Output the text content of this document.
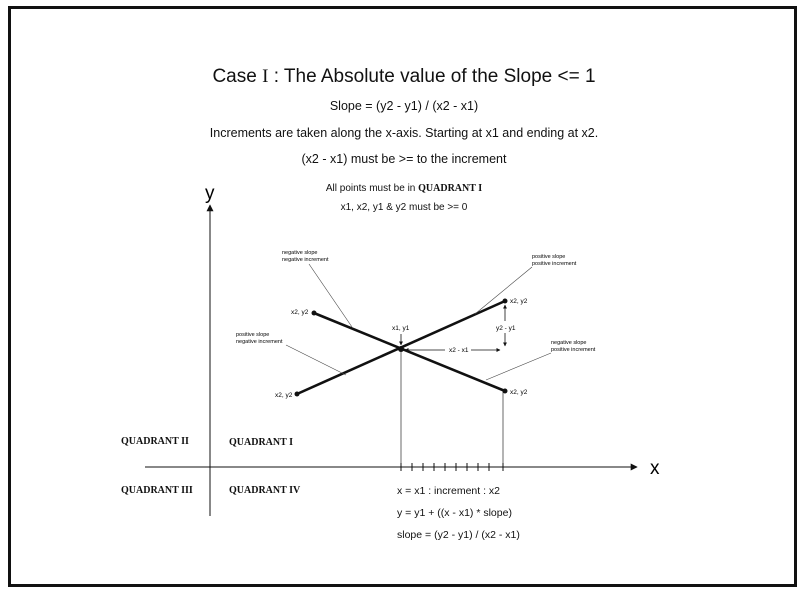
Case I : The Absolute value of the Slope <= 1
Slope = (y2 - y1) / (x2 - x1)
Increments are taken along the x-axis. Starting at x1 and ending at x2.
(x2 - x1) must be >= to the increment
All points must be in QUADRANT I
x1, x2, y1 & y2 must be >= 0
x
y
x1, y1
x2, y2
x2, y2
x2, y2	x2, y2
x2 - x1
y2 - y1
negative slope
negative increment	positive slope
positive increment
positive slope
negative increment	negative slope
positive increment
QUADRANT II	QUADRANT I
QUADRANT III	QUADRANT IV	x = x1 : increment : x2
y = y1 + ((x - x1) * slope)
slope = (y2 - y1) / (x2 - x1)
